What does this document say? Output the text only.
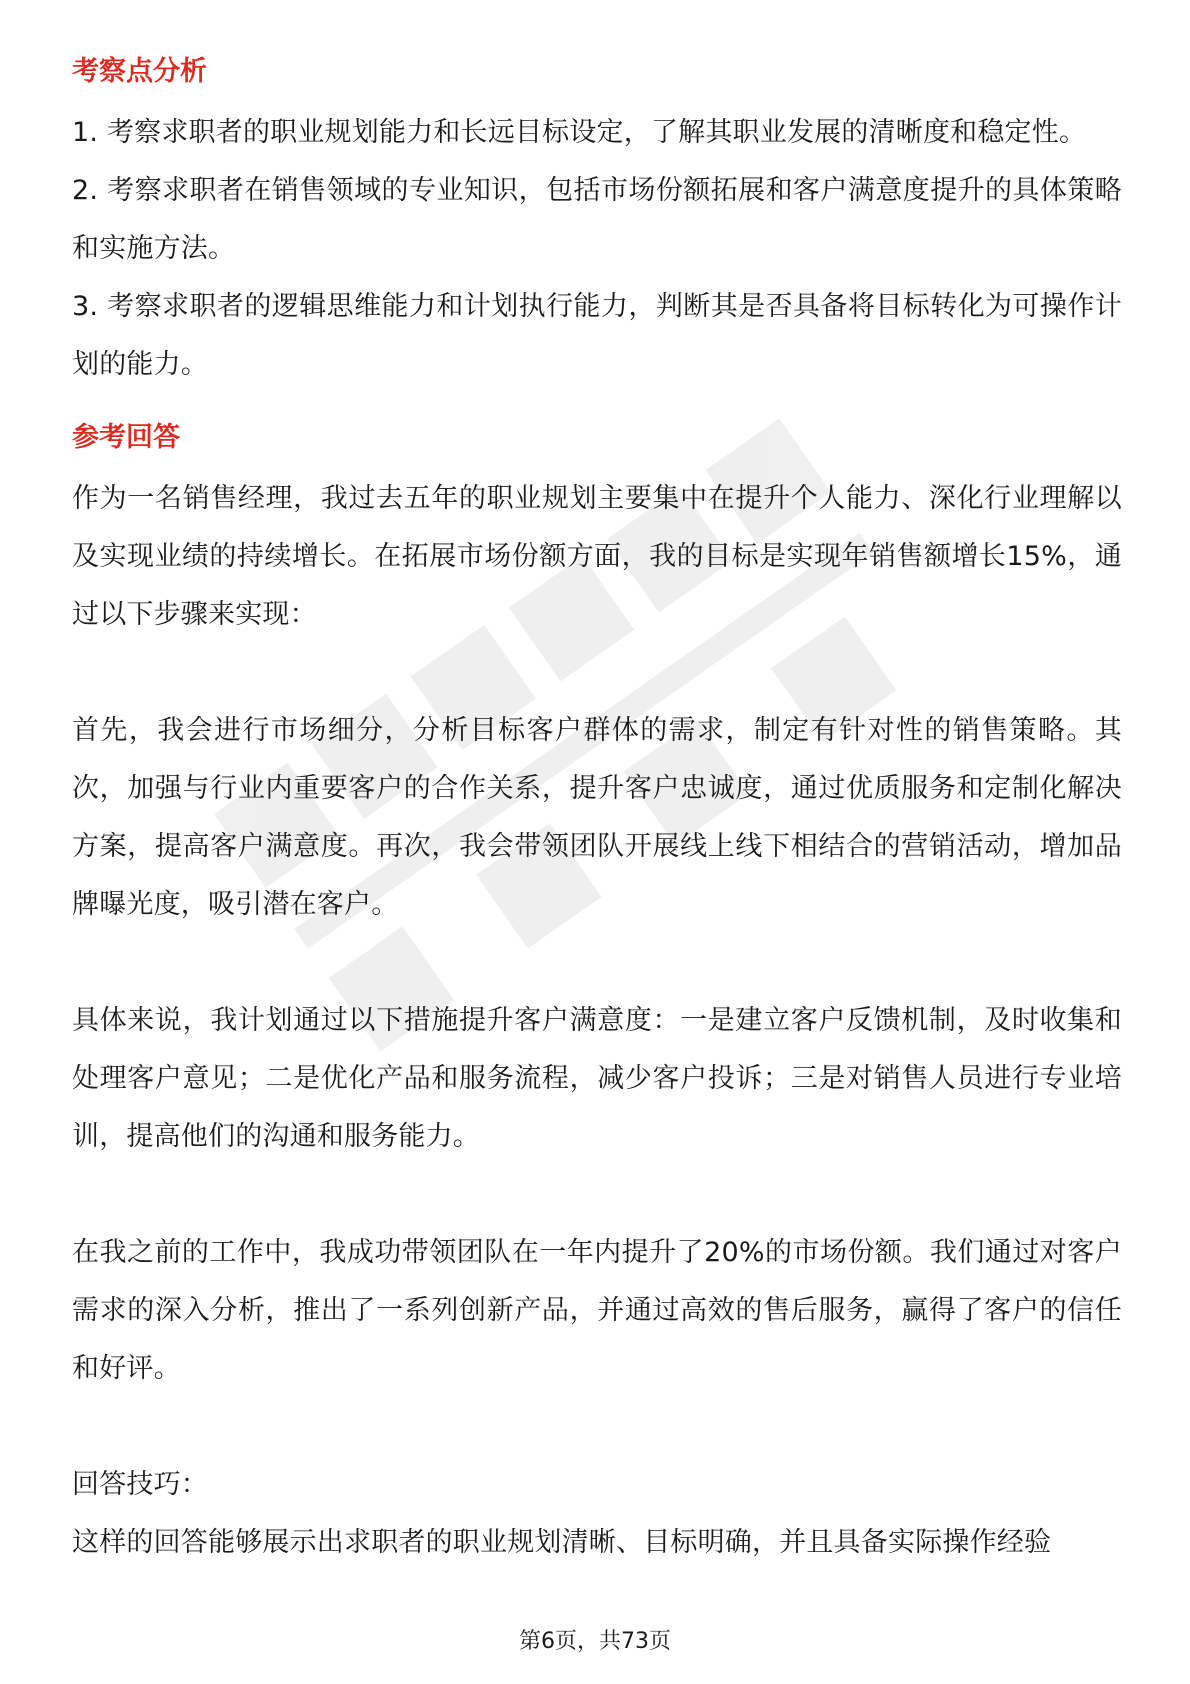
考察点分析

1. 考察求职者的职业规划能力和长远目标设定，了解其职业发展的清晰度和稳定性。

2. 考察求职者在销售领域的专业知识，包括市场份额拓展和客户满意度提升的具体策略和实施方法。

3. 考察求职者的逻辑思维能力和计划执行能力，判断其是否具备将目标转化为可操作计划的能力。

参考回答

作为一名销售经理，我过去五年的职业规划主要集中在提升个人能力、深化行业理解以及实现业绩的持续增长。在拓展市场份额方面，我的目标是实现年销售额增长15%，通过以下步骤来实现：

首先，我会进行市场细分，分析目标客户群体的需求，制定有针对性的销售策略。其次，加强与行业内重要客户的合作关系，提升客户忠诚度，通过优质服务和定制化解决方案，提高客户满意度。再次，我会带领团队开展线上线下相结合的营销活动，增加品牌曝光度，吸引潜在客户。

具体来说，我计划通过以下措施提升客户满意度：一是建立客户反馈机制，及时收集和处理客户意见；二是优化产品和服务流程，减少客户投诉；三是对销售人员进行专业培训，提高他们的沟通和服务能力。

在我之前的工作中，我成功带领团队在一年内提升了20%的市场份额。我们通过对客户需求的深入分析，推出了一系列创新产品，并通过高效的售后服务，赢得了客户的信任和好评。

回答技巧：

这样的回答能够展示出求职者的职业规划清晰、目标明确，并且具备实际操作经验

第6页，共73页
